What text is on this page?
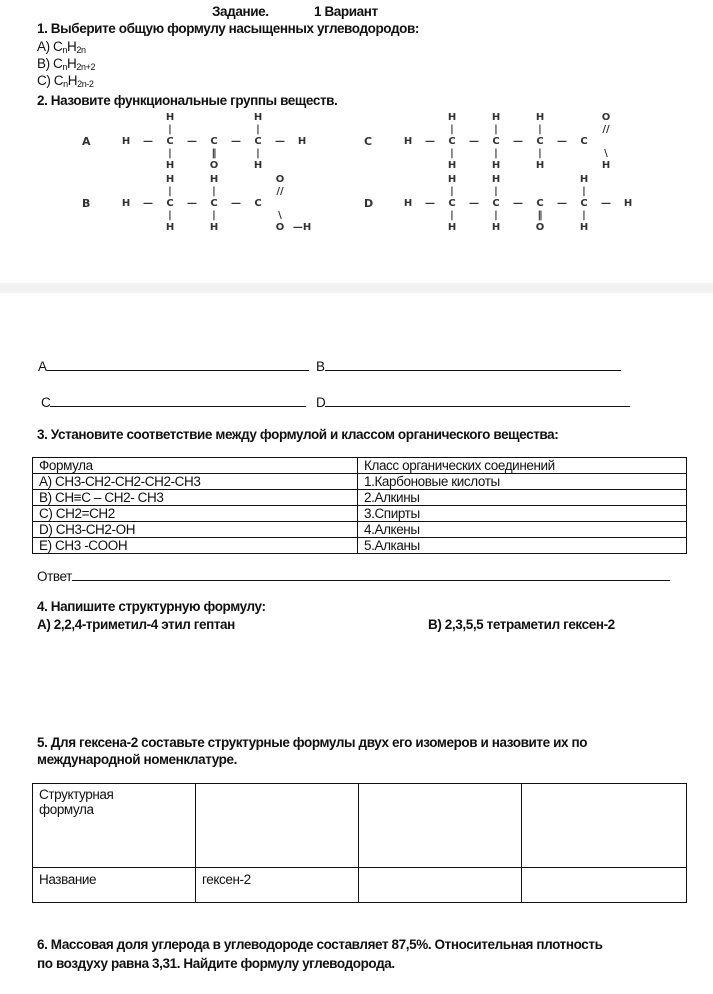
Задание.	1 Вариант
1. Выберите общую формулу насыщенных углеводородов:
A) $C_nH_{2n}$
B) $C_nH_{2n+2}$
C) $C_nH_{2n-2}$
2. Назовите функциональные группы веществ.
A
H	H
|	|
H	—	C	—	C	—	C	—	H
|	‖	|
H	O	H
B
H	H	O
|	|	//
H	—	C	—	C	—	C
|	|	\
H	H	O —H
C
H	H	H	O
|	|	|	//
H	—	C	—	C	—	C	—	C
|	|	|	\
H	H	H	H
D
H	H	H
|	|	|
H	—	C	—	C	—	C	—	C	—	H
|	|	‖	|
H	H	O	H
A	B
C	D
3. Установите соответствие между формулой и классом органического вещества:
Формула	Класс органических соединений
A) CH3-CH2-CH2-CH2-CH3	1.Карбоновые кислоты
B) CH≡C – CH2- CH3	2.Алкины
C) CH2=CH2	3.Спирты
D) CH3-CH2-OH	4.Алкены
E) CH3 -COOH	5.Алканы
Ответ
4. Напишите структурную формулу:
A) 2,2,4-триметил-4 этил гептан	B) 2,3,5,5 тетраметил гексен-2
5. Для гексена-2 составьте структурные формулы двух его изомеров и назовите их по
международной номенклатуре.
Структурная формула			
Название	гексен-2		
6. Массовая доля углерода в углеводороде составляет 87,5%. Относительная плотность
по воздуху равна 3,31. Найдите формулу углеводорода.
